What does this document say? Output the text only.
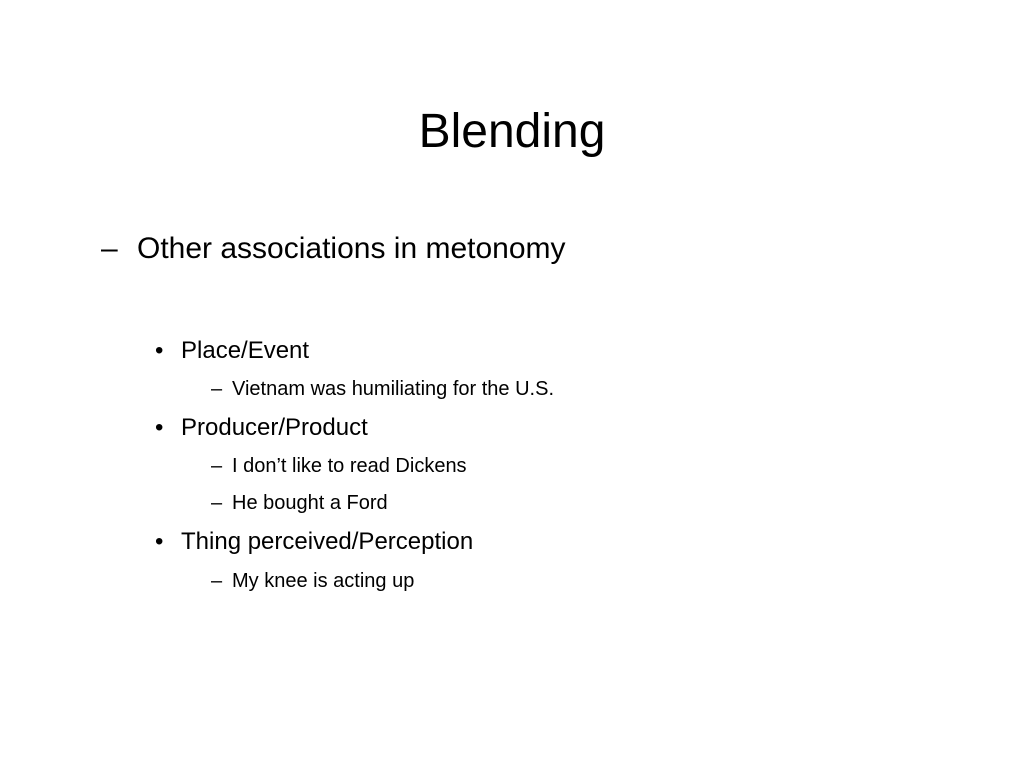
Blending
– Other associations in metonomy
• Place/Event
– Vietnam was humiliating for the U.S.
• Producer/Product
– I don’t like to read Dickens
– He bought a Ford
• Thing perceived/Perception
– My knee is acting up
